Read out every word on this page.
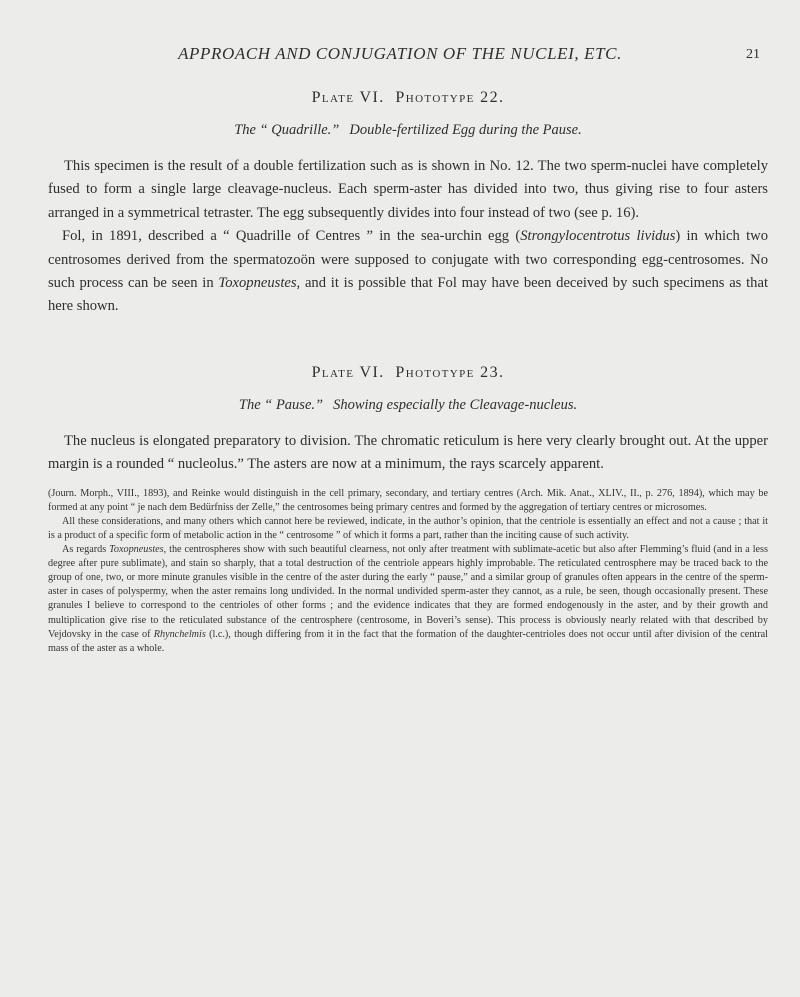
APPROACH AND CONJUGATION OF THE NUCLEI, ETC.	21
Plate VI. Phototype 22.
The “ Quadrille.” Double-fertilized Egg during the Pause.

This specimen is the result of a double fertilization such as is shown in No. 12. The two sperm-nuclei have completely fused to form a single large cleavage-nucleus. Each sperm-aster has divided into two, thus giving rise to four asters arranged in a symmetrical tetraster. The egg subsequently divides into four instead of two (see p. 16).

Fol, in 1891, described a “ Quadrille of Centres ” in the sea-urchin egg (Strongylocentrotus lividus) in which two centrosomes derived from the spermatozoön were supposed to conjugate with two corresponding egg-centrosomes. No such process can be seen in Toxopneustes, and it is possible that Fol may have been deceived by such specimens as that here shown.

Plate VI. Phototype 23.
The “ Pause.” Showing especially the Cleavage-nucleus.

The nucleus is elongated preparatory to division. The chromatic reticulum is here very clearly brought out. At the upper margin is a rounded “ nucleolus.” The asters are now at a minimum, the rays scarcely apparent.

(Journ. Morph., VIII., 1893), and Reinke would distinguish in the cell primary, secondary, and tertiary centres (Arch. Mik. Anat., XLIV., II., p. 276, 1894), which may be formed at any point “ je nach dem Bedürfniss der Zelle,” the centrosomes being primary centres and formed by the aggregation of tertiary centres or microsomes.

All these considerations, and many others which cannot here be reviewed, indicate, in the author’s opinion, that the centriole is essentially an effect and not a cause ; that it is a product of a specific form of metabolic action in the “ centrosome ” of which it forms a part, rather than the inciting cause of such activity.

As regards Toxopneustes, the centrospheres show with such beautiful clearness, not only after treatment with sublimate-acetic but also after Flemming’s fluid (and in a less degree after pure sublimate), and stain so sharply, that a total destruction of the centriole appears highly improbable. The reticulated centrosphere may be traced back to the group of one, two, or more minute granules visible in the centre of the aster during the early “ pause,” and a similar group of granules often appears in the centre of the sperm-aster in cases of polyspermy, when the aster remains long undivided. In the normal undivided sperm-aster they cannot, as a rule, be seen, though occasionally present. These granules I believe to correspond to the centrioles of other forms ; and the evidence indicates that they are formed endogenously in the aster, and by their growth and multiplication give rise to the reticulated substance of the centrosphere (centrosome, in Boveri’s sense). This process is obviously nearly related with that described by Vejdovsky in the case of Rhynchelmis (l.c.), though differing from it in the fact that the formation of the daughter-centrioles does not occur until after division of the central mass of the aster as a whole.
